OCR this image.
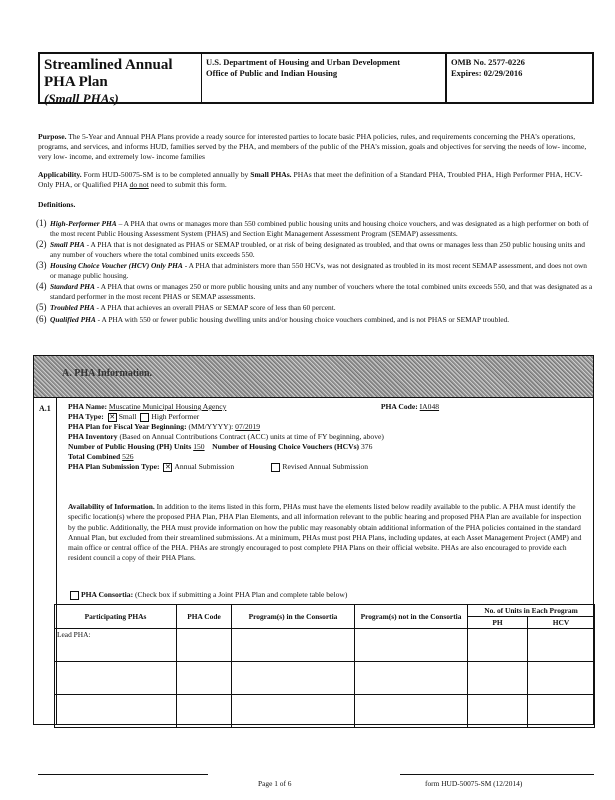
Streamlined Annual
PHA Plan
(Small PHAs)
U.S. Department of Housing and Urban Development
Office of Public and Indian Housing
OMB No. 2577-0226
Expires: 02/29/2016
Purpose. The 5-Year and Annual PHA Plans provide a ready source for interested parties to locate basic PHA policies, rules, and requirements concerning the PHA's operations, programs, and services, and informs HUD, families served by the PHA, and members of the public of the PHA's mission, goals and objectives for serving the needs of low- income, very low- income, and extremely low- income families
Applicability. Form HUD-50075-SM is to be completed annually by Small PHAs. PHAs that meet the definition of a Standard PHA, Troubled PHA, High Performer PHA, HCV-Only PHA, or Qualified PHA do not need to submit this form.
Definitions.
(1) High-Performer PHA – A PHA that owns or manages more than 550 combined public housing units and housing choice vouchers, and was designated as a high performer on both of the most recent Public Housing Assessment System (PHAS) and Section Eight Management Assessment Program (SEMAP) assessments.
(2) Small PHA - A PHA that is not designated as PHAS or SEMAP troubled, or at risk of being designated as troubled, and that owns or manages less than 250 public housing units and any number of vouchers where the total combined units exceeds 550.
(3) Housing Choice Voucher (HCV) Only PHA - A PHA that administers more than 550 HCVs, was not designated as troubled in its most recent SEMAP assessment, and does not own or manage public housing.
(4) Standard PHA - A PHA that owns or manages 250 or more public housing units and any number of vouchers where the total combined units exceeds 550, and that was designated as a standard performer in the most recent PHAS or SEMAP assessments.
(5) Troubled PHA - A PHA that achieves an overall PHAS or SEMAP score of less than 60 percent.
(6) Qualified PHA - A PHA with 550 or fewer public housing dwelling units and/or housing choice vouchers combined, and is not PHAS or SEMAP troubled.
A. PHA Information.
A.1 PHA Name: Muscatine Municipal Housing Agency	PHA Code: IA048
PHA Type: ✕ Small High Performer
PHA Plan for Fiscal Year Beginning: (MM/YYYY): 07/2019
PHA Inventory (Based on Annual Contributions Contract (ACC) units at time of FY beginning, above)
Number of Public Housing (PH) Units 150 Number of Housing Choice Vouchers (HCVs) 376
Total Combined 526
PHA Plan Submission Type: ✕ Annual Submission	Revised Annual Submission
Availability of Information. In addition to the items listed in this form, PHAs must have the elements listed below readily available to the public. A PHA must identify the specific location(s) where the proposed PHA Plan, PHA Plan Elements, and all information relevant to the public hearing and proposed PHA Plan are available for inspection by the public. Additionally, the PHA must provide information on how the public may reasonably obtain additional information of the PHA policies contained in the standard Annual Plan, but excluded from their streamlined submissions. At a minimum, PHAs must post PHA Plans, including updates, at each Asset Management Project (AMP) and main office or central office of the PHA. PHAs are strongly encouraged to post complete PHA Plans on their official website. PHAs are also encouraged to provide each resident council a copy of their PHA Plans.
PHA Consortia: (Check box if submitting a Joint PHA Plan and complete table below)
Participating PHAs	PHA Code	Program(s) in the Consortia	Program(s) not in the Consortia	No. of Units in Each Program	
				PH	HCV
Lead PHA:					

Page 1 of 6	form HUD-50075-SM (12/2014)
